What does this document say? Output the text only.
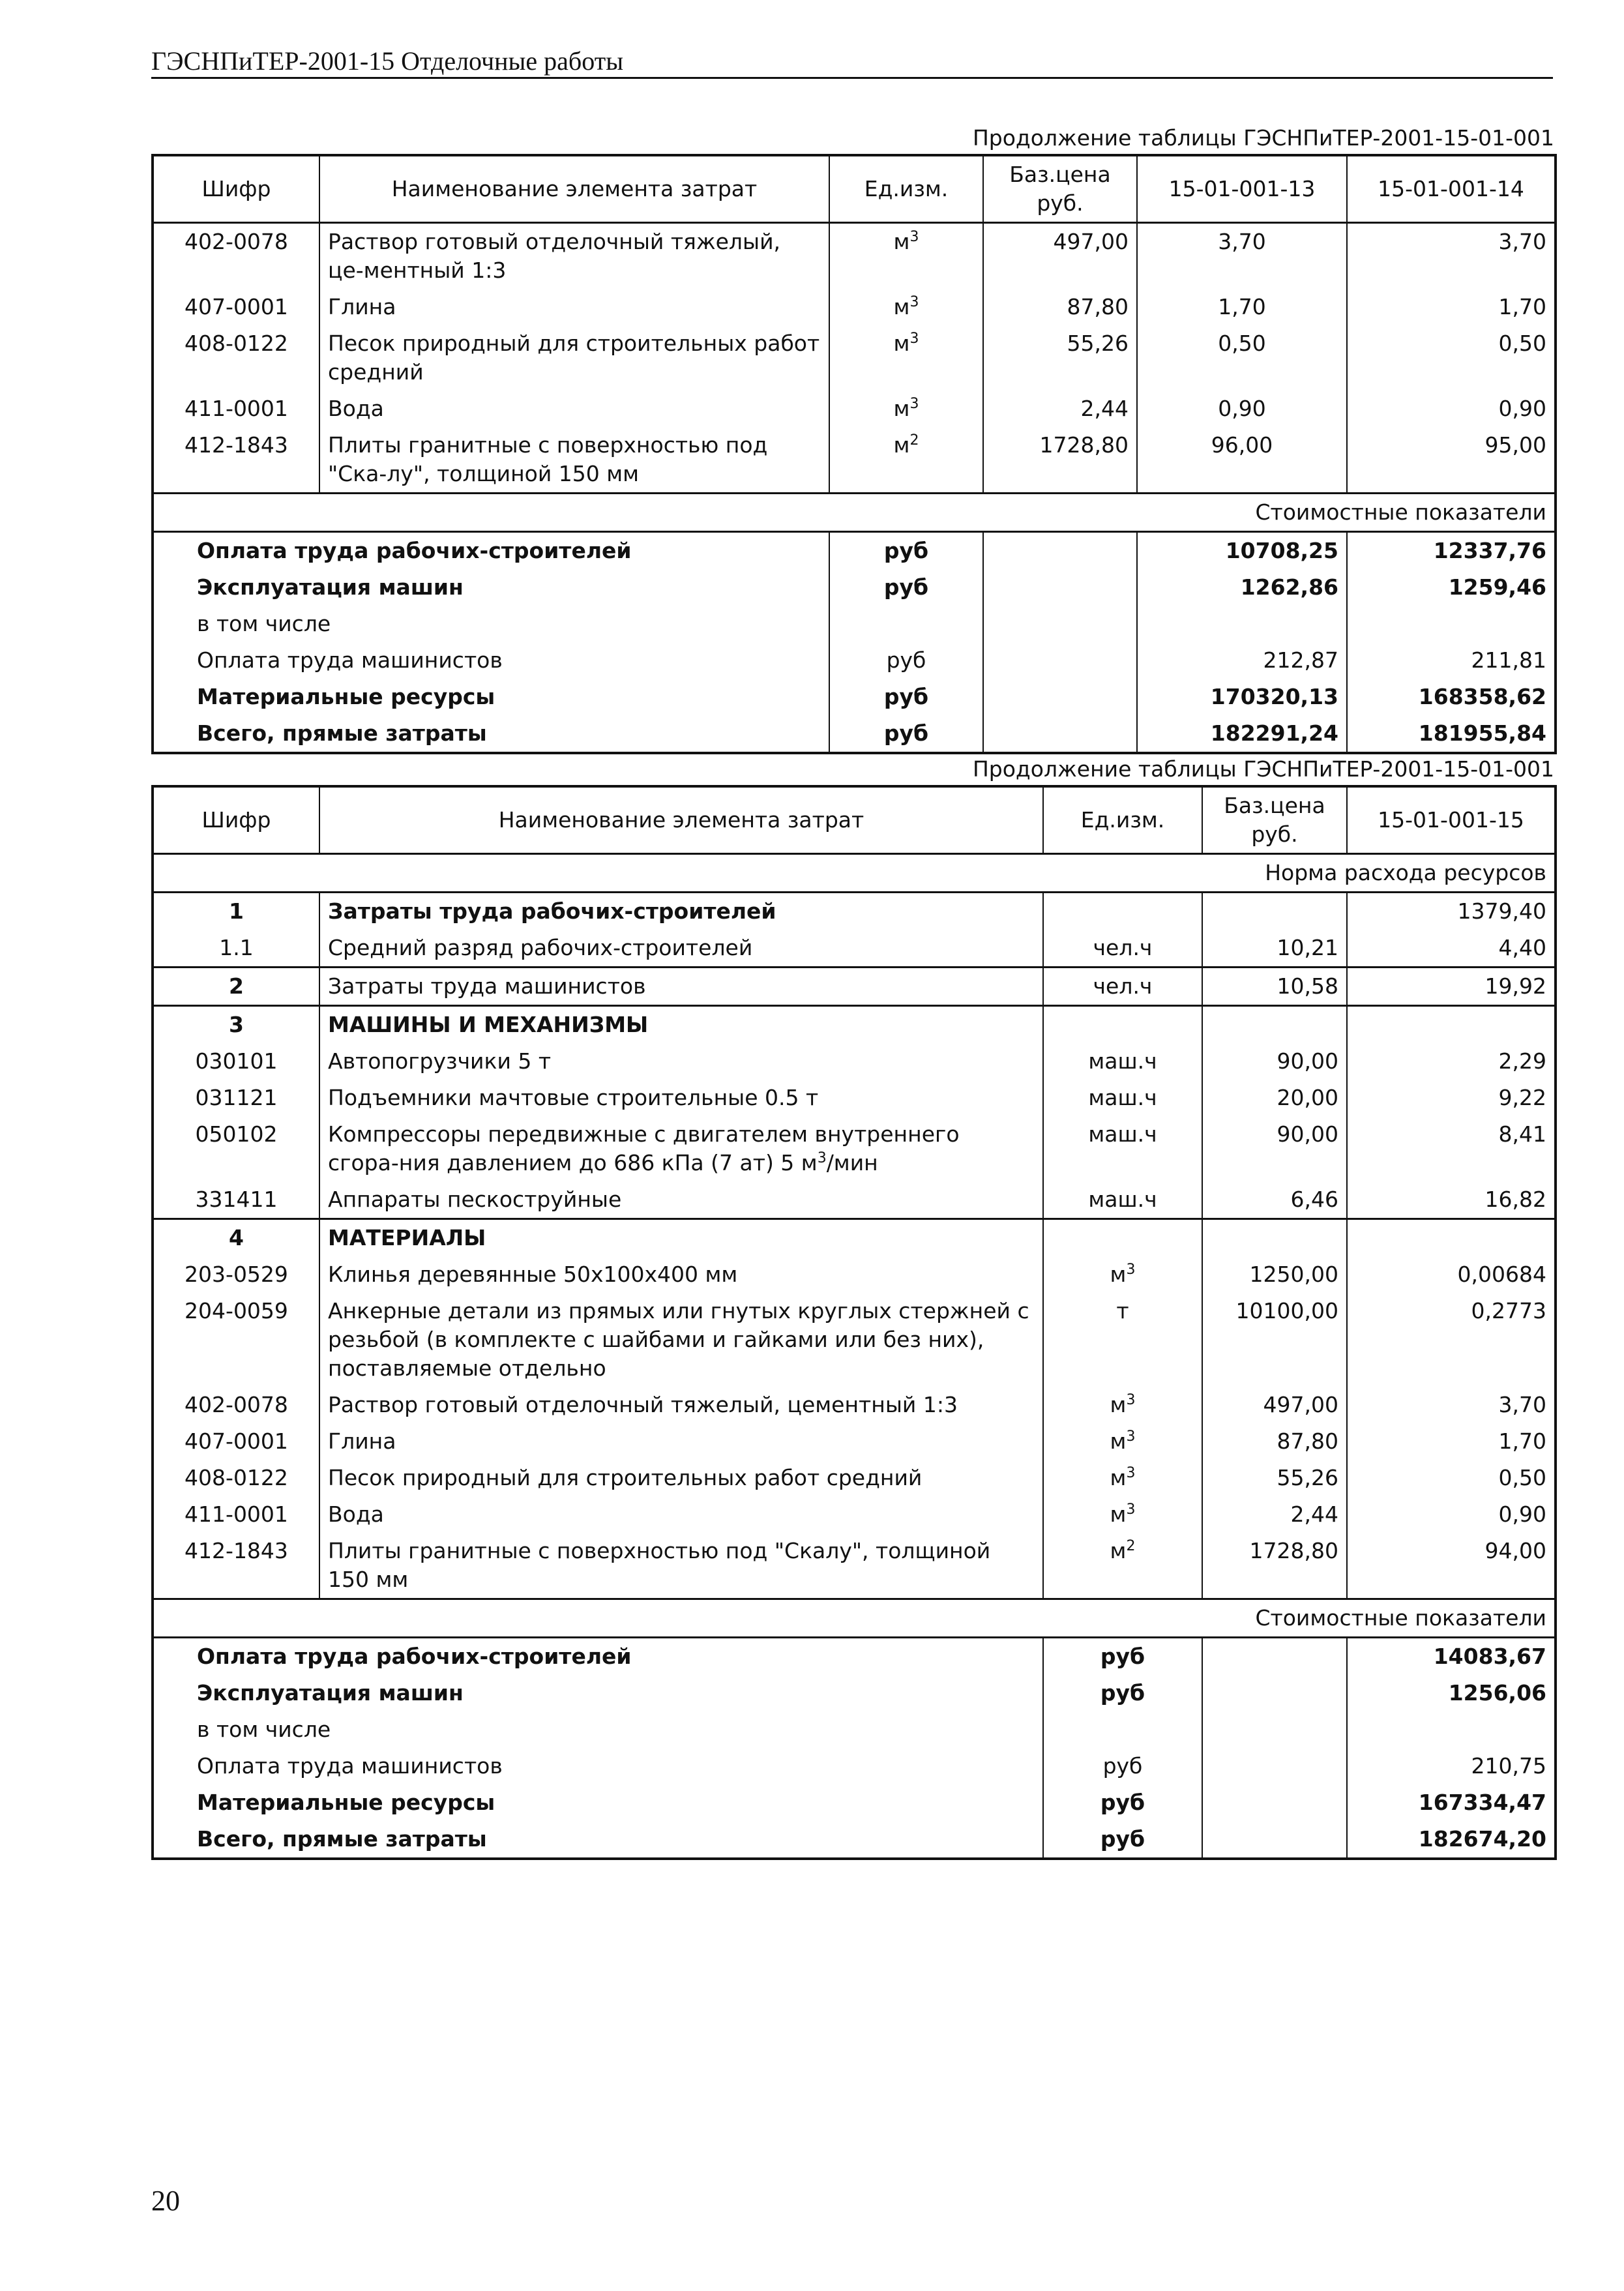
ГЭСНПиТЕР-2001-15 Отделочные работы
Продолжение таблицы ГЭСНПиТЕР-2001-15-01-001
Шифр	Наименование элемента затрат	Ед.изм.	Баз.цена руб.	15-01-001-13	15-01-001-14
402-0078	Раствор готовый отделочный тяжелый, це-ментный 1:3	$м^3$	497,00	3,70	3,70
407-0001	Глина	$м^3$	87,80	1,70	1,70
408-0122	Песок природный для строительных работ средний	$м^3$	55,26	0,50	0,50
411-0001	Вода	$м^3$	2,44	0,90	0,90
412-1843	Плиты гранитные с поверхностью под "Ска-лу", толщиной 150 мм	$м^2$	1728,80	96,00	95,00
Стоимостные показатели					
Оплата труда рабочих-строителей		руб		10708,25	12337,76
Эксплуатация машин		руб		1262,86	1259,46
в том числе					
Оплата труда машинистов		руб		212,87	211,81
Материальные ресурсы		руб		170320,13	168358,62
Всего, прямые затраты		руб		182291,24	181955,84
Продолжение таблицы ГЭСНПиТЕР-2001-15-01-001
Шифр	Наименование элемента затрат	Ед.изм.	Баз.цена руб.	15-01-001-15
Норма расхода ресурсов				
1	Затраты труда рабочих-строителей			1379,40
1.1	Средний разряд рабочих-строителей	чел.ч	10,21	4,40
2	Затраты труда машинистов	чел.ч	10,58	19,92
3	МАШИНЫ И МЕХАНИЗМЫ			
030101	Автопогрузчики 5 т	маш.ч	90,00	2,29
031121	Подъемники мачтовые строительные 0.5 т	маш.ч	20,00	9,22
050102	Компрессоры передвижные с двигателем внутреннего сгора-ния давлением до 686 кПа (7 ат) 5 $м^3$/мин	маш.ч	90,00	8,41
331411	Аппараты пескоструйные	маш.ч	6,46	16,82
4	МАТЕРИАЛЫ			
203-0529	Клинья деревянные 50х100х400 мм	$м^3$	1250,00	0,00684
204-0059	Анкерные детали из прямых или гнутых круглых стержней с резьбой (в комплекте с шайбами и гайками или без них), поставляемые отдельно	т	10100,00	0,2773
402-0078	Раствор готовый отделочный тяжелый, цементный 1:3	$м^3$	497,00	3,70
407-0001	Глина	$м^3$	87,80	1,70
408-0122	Песок природный для строительных работ средний	$м^3$	55,26	0,50
411-0001	Вода	$м^3$	2,44	0,90
412-1843	Плиты гранитные с поверхностью под "Скалу", толщиной 150 мм	$м^2$	1728,80	94,00
Стоимостные показатели				
Оплата труда рабочих-строителей		руб		14083,67
Эксплуатация машин		руб		1256,06
в том числе				
Оплата труда машинистов		руб		210,75
Материальные ресурсы		руб		167334,47
Всего, прямые затраты		руб		182674,20
20
